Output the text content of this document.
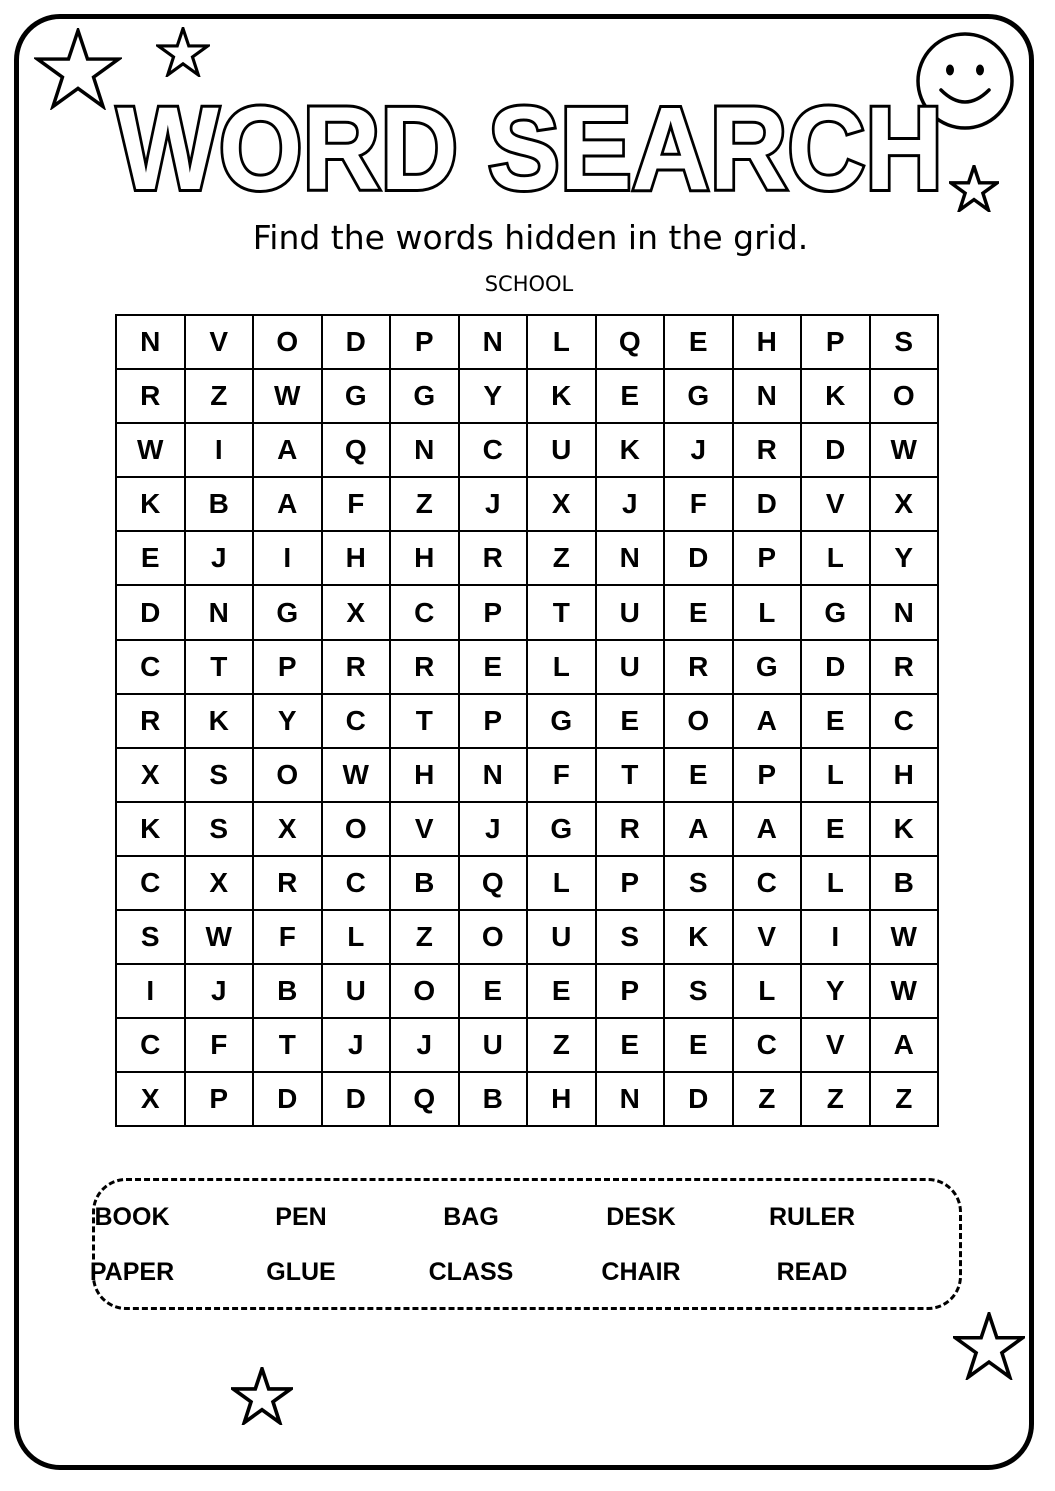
WORD SEARCH
Find the words hidden in the grid.
SCHOOL
N	V	O	D	P	N	L	Q	E	H	P	S
R	Z	W	G	G	Y	K	E	G	N	K	O
W	I	A	Q	N	C	U	K	J	R	D	W
K	B	A	F	Z	J	X	J	F	D	V	X
E	J	I	H	H	R	Z	N	D	P	L	Y
D	N	G	X	C	P	T	U	E	L	G	N
C	T	P	R	R	E	L	U	R	G	D	R
R	K	Y	C	T	P	G	E	O	A	E	C
X	S	O	W	H	N	F	T	E	P	L	H
K	S	X	O	V	J	G	R	A	A	E	K
C	X	R	C	B	Q	L	P	S	C	L	B
S	W	F	L	Z	O	U	S	K	V	I	W
I	J	B	U	O	E	E	P	S	L	Y	W
C	F	T	J	J	U	Z	E	E	C	V	A
X	P	D	D	Q	B	H	N	D	Z	Z	Z
BOOK	PEN	BAG	DESK	RULER
PAPER	GLUE	CLASS	CHAIR	READ
